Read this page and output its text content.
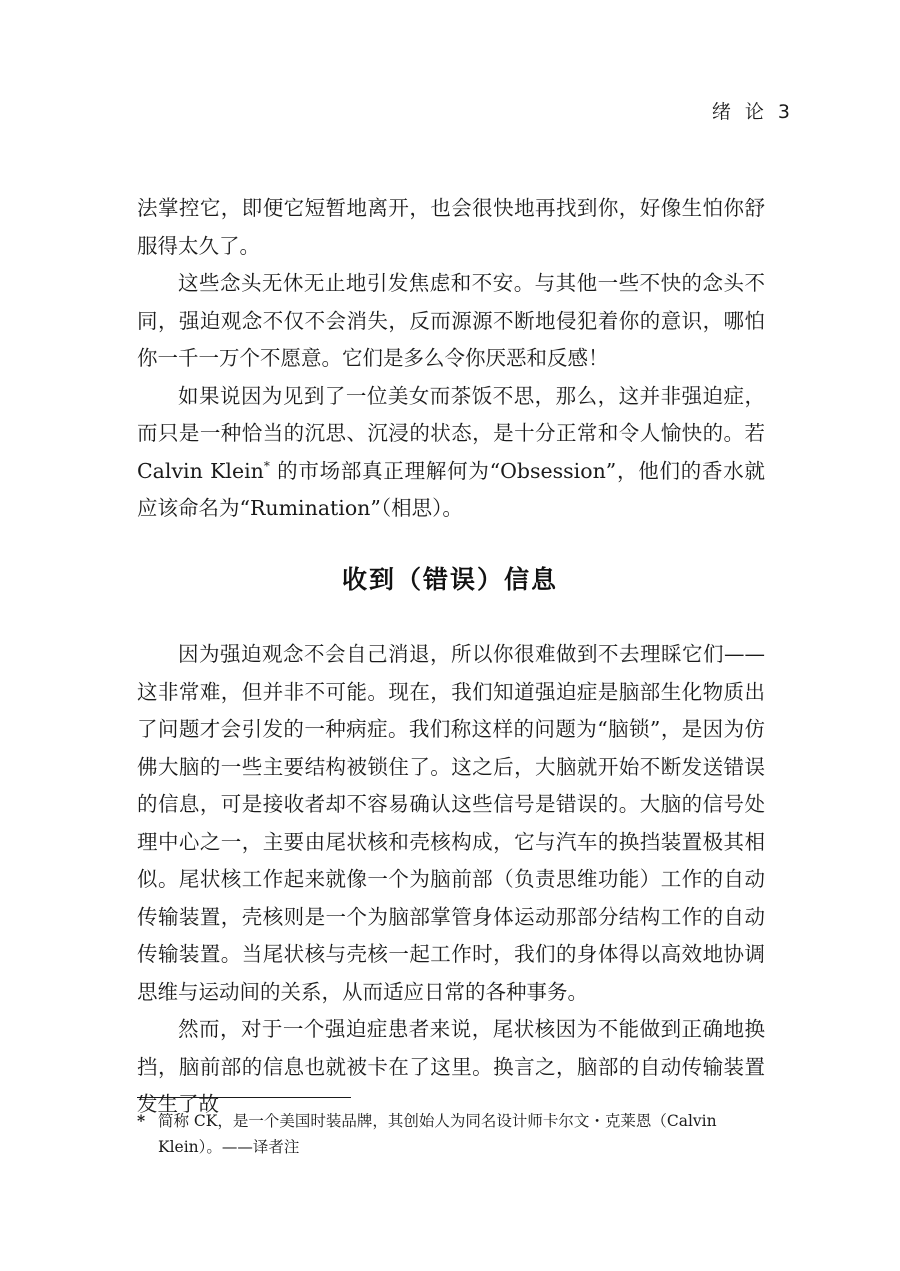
绪 论 3

法掌控它，即便它短暂地离开，也会很快地再找到你，好像生怕你舒服得太久了。

这些念头无休无止地引发焦虑和不安。与其他一些不快的念头不同，强迫观念不仅不会消失，反而源源不断地侵犯着你的意识，哪怕你一千一万个不愿意。它们是多么令你厌恶和反感！

如果说因为见到了一位美女而茶饭不思，那么，这并非强迫症，而只是一种恰当的沉思、沉浸的状态，是十分正常和令人愉快的。若 Calvin Klein* 的市场部真正理解何为“Obsession”，他们的香水就应该命名为“Rumination”（相思）。

收到（错误）信息

因为强迫观念不会自己消退，所以你很难做到不去理睬它们——这非常难，但并非不可能。现在，我们知道强迫症是脑部生化物质出了问题才会引发的一种病症。我们称这样的问题为“脑锁”，是因为仿佛大脑的一些主要结构被锁住了。这之后，大脑就开始不断发送错误的信息，可是接收者却不容易确认这些信号是错误的。大脑的信号处理中心之一，主要由尾状核和壳核构成，它与汽车的换挡装置极其相似。尾状核工作起来就像一个为脑前部（负责思维功能）工作的自动传输装置，壳核则是一个为脑部掌管身体运动那部分结构工作的自动传输装置。当尾状核与壳核一起工作时，我们的身体得以高效地协调思维与运动间的关系，从而适应日常的各种事务。

然而，对于一个强迫症患者来说，尾状核因为不能做到正确地换挡，脑前部的信息也就被卡在了这里。换言之，脑部的自动传输装置发生了故

* 简称 CK，是一个美国时装品牌，其创始人为同名设计师卡尔文・克莱恩（Calvin Klein）。——译者注
